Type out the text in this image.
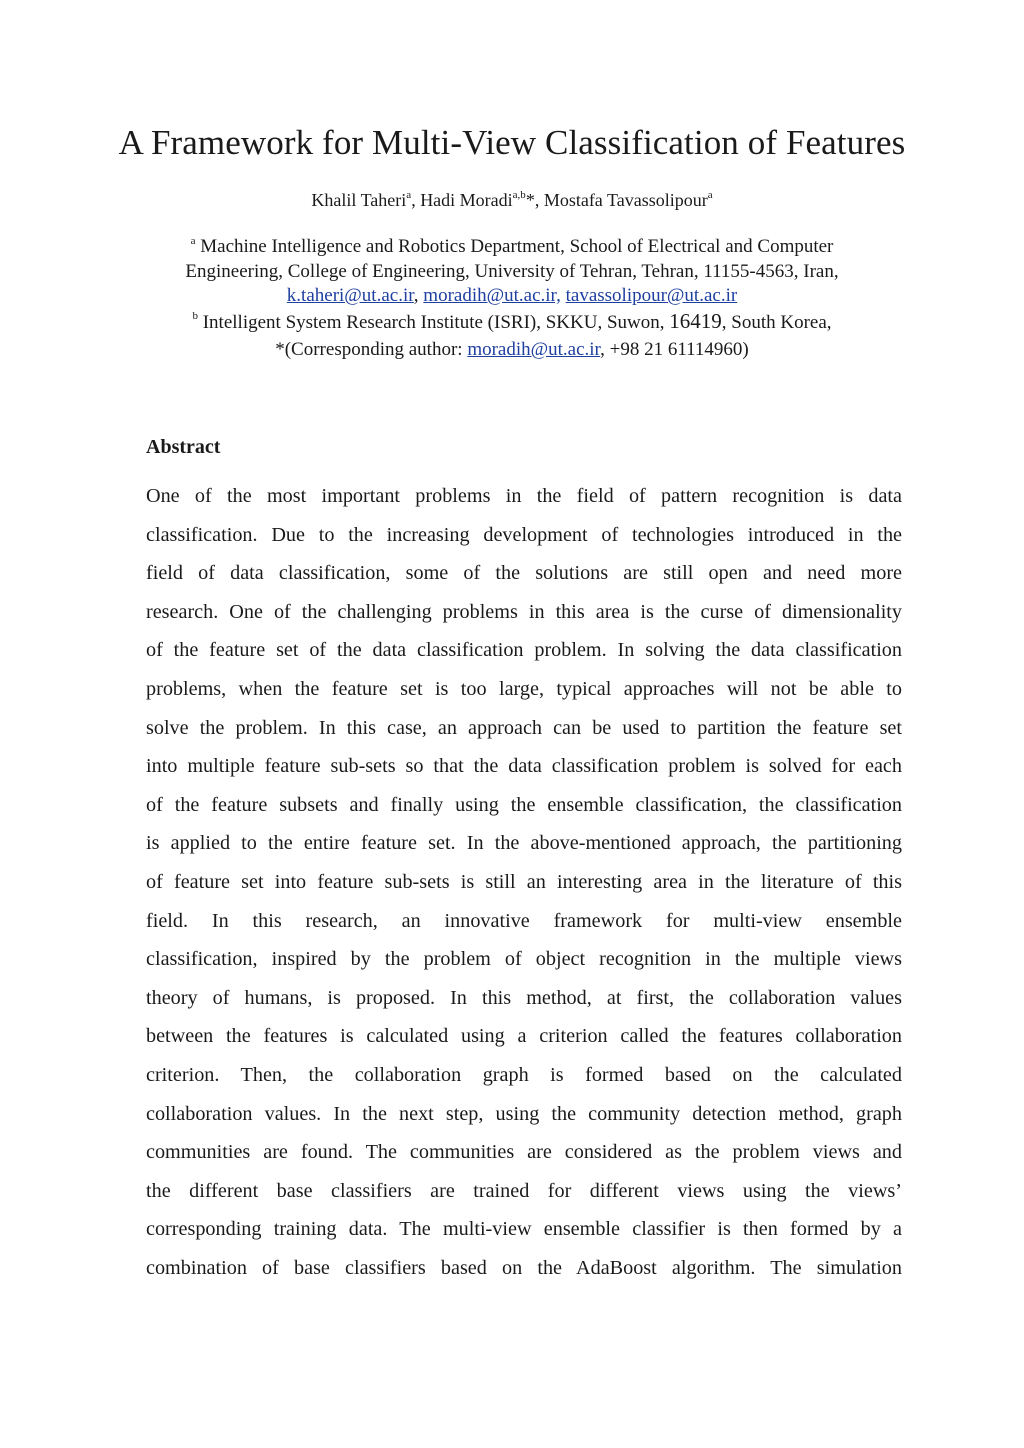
A Framework for Multi-View Classification of Features
Khalil Taheri$^a$, Hadi Moradi$^{a,b}$*, Mostafa Tavassolipour$^a$
$^a$ Machine Intelligence and Robotics Department, School of Electrical and Computer
Engineering, College of Engineering, University of Tehran, Tehran, 11155-4563, Iran,
k.taheri@ut.ac.ir, moradih@ut.ac.ir, tavassolipour@ut.ac.ir
$^b$ Intelligent System Research Institute (ISRI), SKKU, Suwon, 16419, South Korea,
*(Corresponding author: moradih@ut.ac.ir, +98 21 61114960)
Abstract
One of the most important problems in the field of pattern recognition is data
classification. Due to the increasing development of technologies introduced in the
field of data classification, some of the solutions are still open and need more
research. One of the challenging problems in this area is the curse of dimensionality
of the feature set of the data classification problem. In solving the data classification
problems, when the feature set is too large, typical approaches will not be able to
solve the problem. In this case, an approach can be used to partition the feature set
into multiple feature sub-sets so that the data classification problem is solved for each
of the feature subsets and finally using the ensemble classification, the classification
is applied to the entire feature set. In the above-mentioned approach, the partitioning
of feature set into feature sub-sets is still an interesting area in the literature of this
field. In this research, an innovative framework for multi-view ensemble
classification, inspired by the problem of object recognition in the multiple views
theory of humans, is proposed. In this method, at first, the collaboration values
between the features is calculated using a criterion called the features collaboration
criterion. Then, the collaboration graph is formed based on the calculated
collaboration values. In the next step, using the community detection method, graph
communities are found. The communities are considered as the problem views and
the different base classifiers are trained for different views using the views’
corresponding training data. The multi-view ensemble classifier is then formed by a
combination of base classifiers based on the AdaBoost algorithm. The simulation
